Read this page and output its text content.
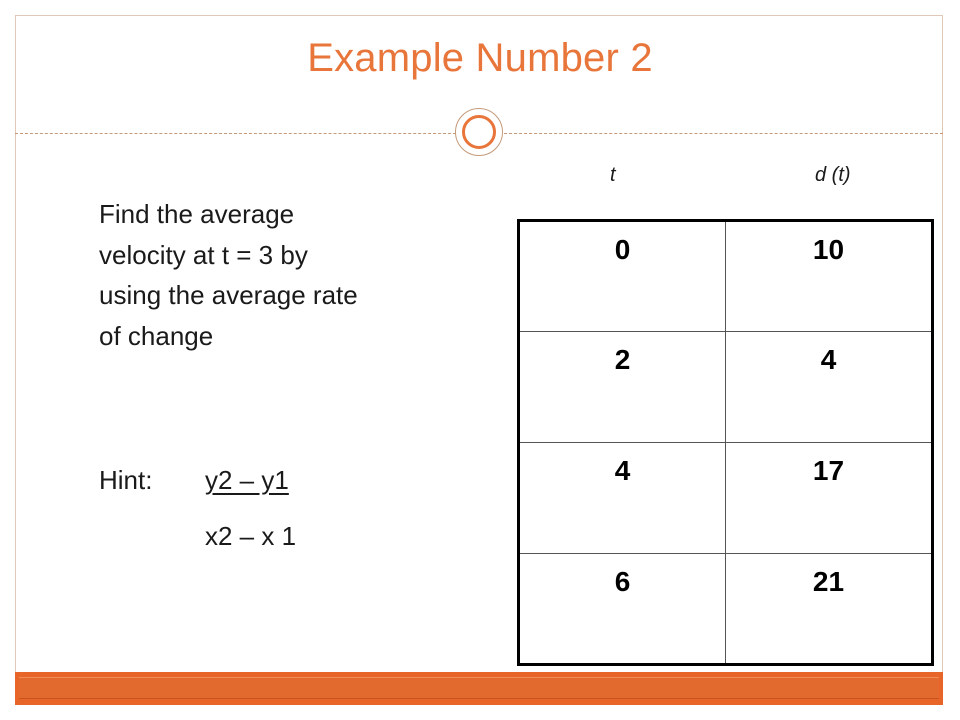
Example Number 2
Find the average
velocity at t = 3 by
using the average rate
of change
Hint: y2 – y1
x2 – x 1
t	d (t)
0	10
2	4
4	17
6	21
